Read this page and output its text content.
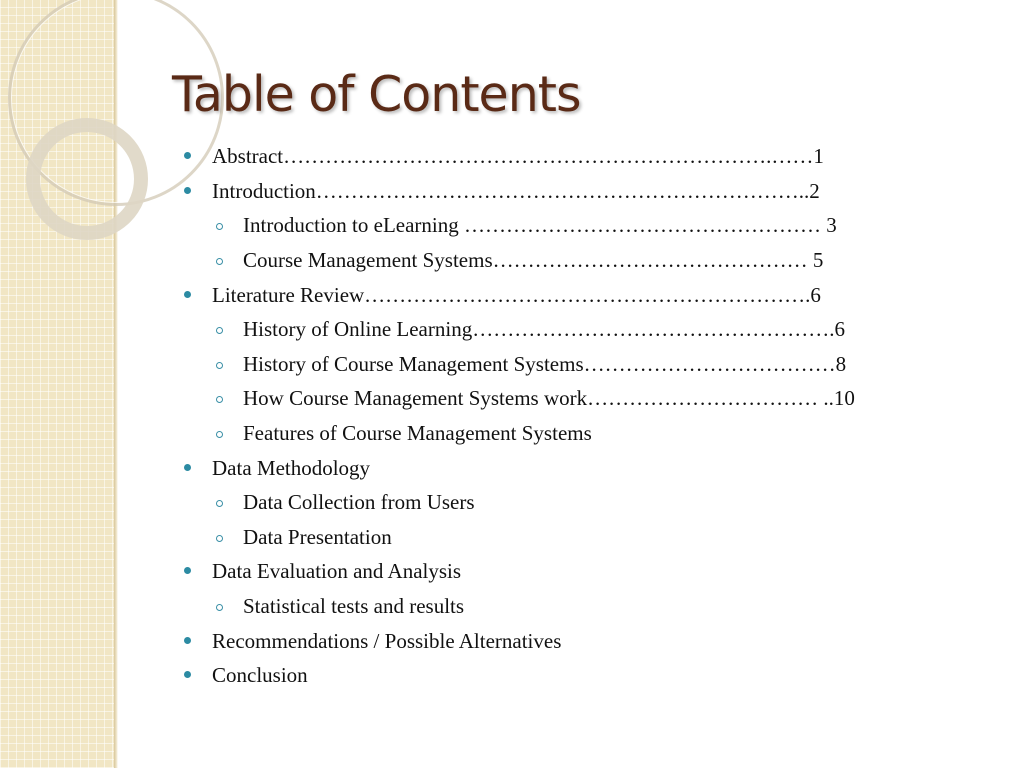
Table of Contents
Abstract…………………………………………………………….……1
Introduction……………………………………………………………..2
Introduction to eLearning …………………………………………… 3
Course Management Systems……………………………………… 5
Literature Review……………………………………………………….6
History of Online Learning…………………………………………….6
History of Course Management Systems………………………………8
How Course Management Systems work…………………………… ..10
Features of Course Management Systems
Data Methodology
Data Collection from Users
Data Presentation
Data Evaluation and Analysis
Statistical tests and results
Recommendations / Possible Alternatives
Conclusion
